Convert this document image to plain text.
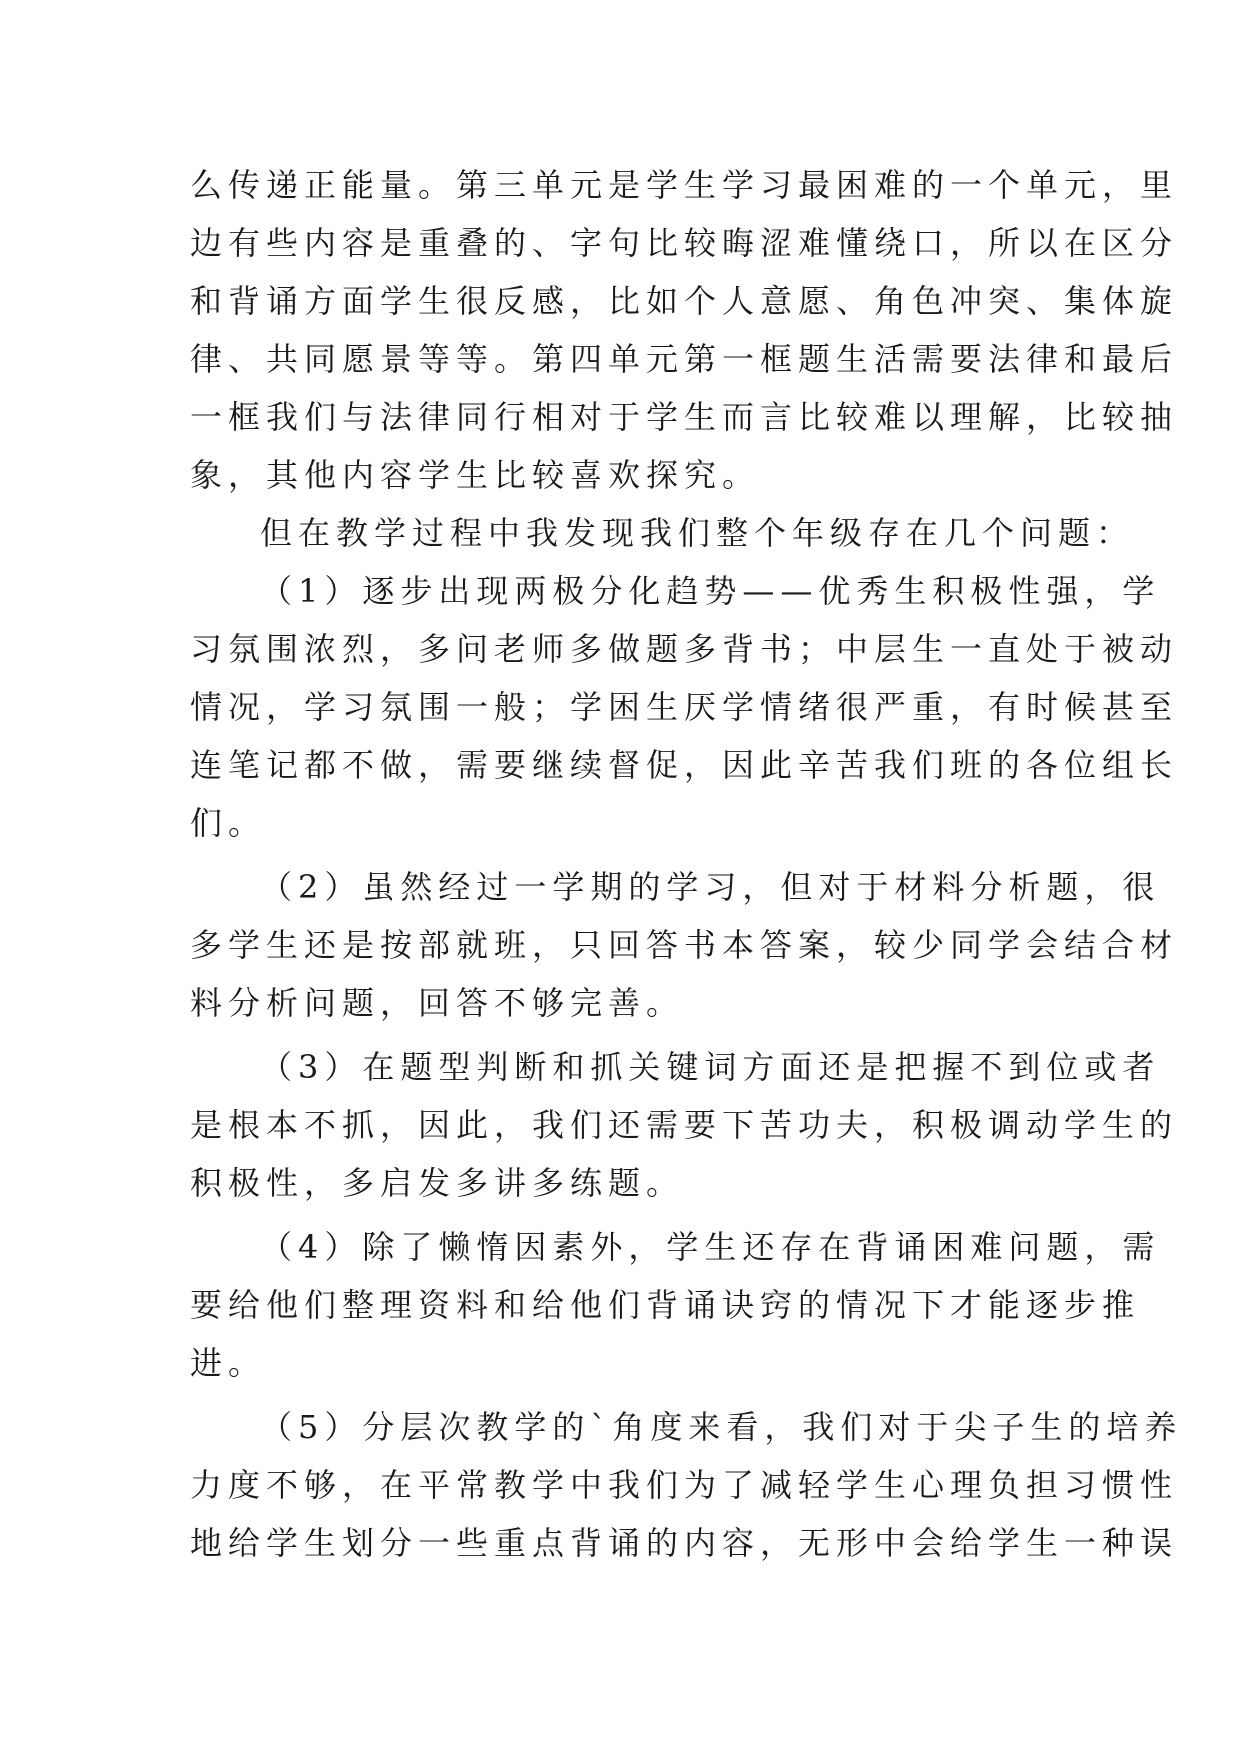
么传递正能量。第三单元是学生学习最困难的一个单元，里
边有些内容是重叠的、字句比较晦涩难懂绕口，所以在区分
和背诵方面学生很反感，比如个人意愿、角色冲突、集体旋
律、共同愿景等等。第四单元第一框题生活需要法律和最后
一框我们与法律同行相对于学生而言比较难以理解，比较抽
象，其他内容学生比较喜欢探究。
但在教学过程中我发现我们整个年级存在几个问题：
（1）逐步出现两极分化趋势——优秀生积极性强，学
习氛围浓烈，多问老师多做题多背书；中层生一直处于被动
情况，学习氛围一般；学困生厌学情绪很严重，有时候甚至
连笔记都不做，需要继续督促，因此辛苦我们班的各位组长
们。
（2）虽然经过一学期的学习，但对于材料分析题，很
多学生还是按部就班，只回答书本答案，较少同学会结合材
料分析问题，回答不够完善。
（3）在题型判断和抓关键词方面还是把握不到位或者
是根本不抓，因此，我们还需要下苦功夫，积极调动学生的
积极性，多启发多讲多练题。
（4）除了懒惰因素外，学生还存在背诵困难问题，需
要给他们整理资料和给他们背诵诀窍的情况下才能逐步推
进。
（5）分层次教学的`角度来看，我们对于尖子生的培养
力度不够，在平常教学中我们为了减轻学生心理负担习惯性
地给学生划分一些重点背诵的内容，无形中会给学生一种误
